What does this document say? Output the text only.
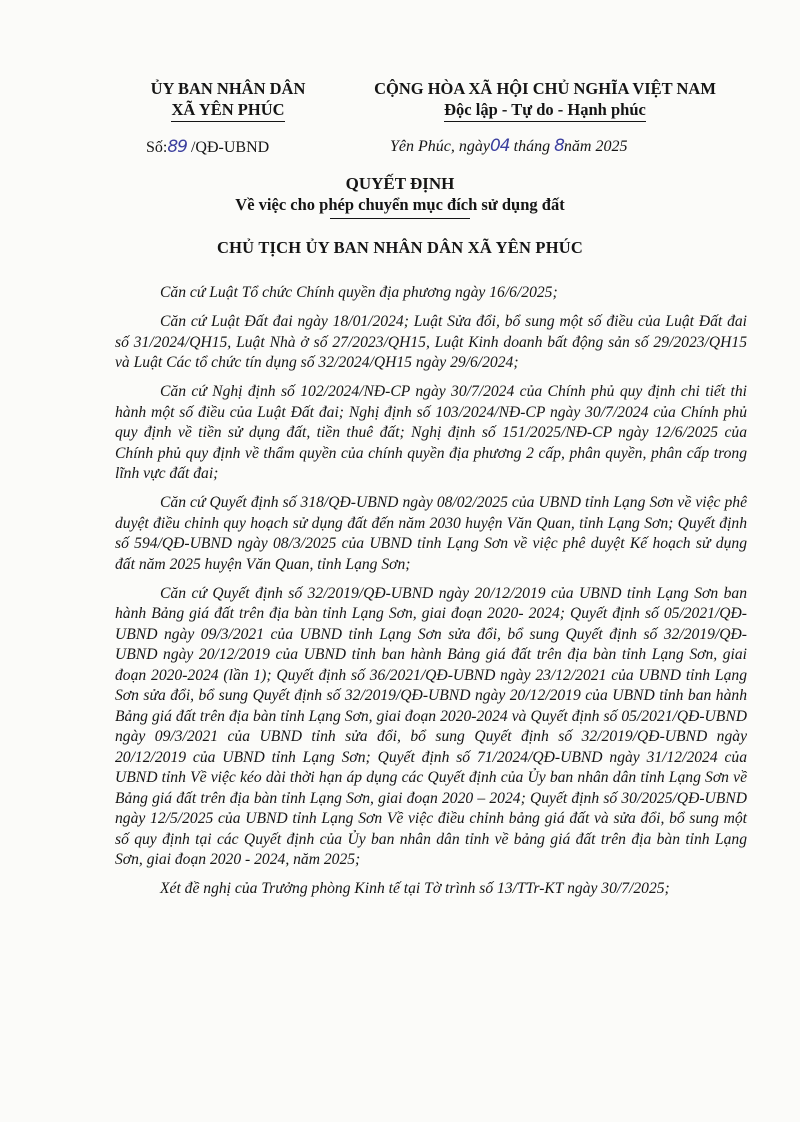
ỦY BAN NHÂN DÂN
XÃ YÊN PHÚC
CỘNG HÒA XÃ HỘI CHỦ NGHĨA VIỆT NAM
Độc lập - Tự do - Hạnh phúc
Số:89 /QĐ-UBND	Yên Phúc, ngày04 tháng 8năm 2025
QUYẾT ĐỊNH
Về việc cho phép chuyển mục đích sử dụng đất
CHỦ TỊCH ỦY BAN NHÂN DÂN XÃ YÊN PHÚC

Căn cứ Luật Tổ chức Chính quyền địa phương ngày 16/6/2025;

Căn cứ Luật Đất đai ngày 18/01/2024; Luật Sửa đổi, bổ sung một số điều của Luật Đất đai số 31/2024/QH15, Luật Nhà ở số 27/2023/QH15, Luật Kinh doanh bất động sản số 29/2023/QH15 và Luật Các tổ chức tín dụng số 32/2024/QH15 ngày 29/6/2024;

Căn cứ Nghị định số 102/2024/NĐ-CP ngày 30/7/2024 của Chính phủ quy định chi tiết thi hành một số điều của Luật Đất đai; Nghị định số 103/2024/NĐ-CP ngày 30/7/2024 của Chính phủ quy định về tiền sử dụng đất, tiền thuê đất; Nghị định số 151/2025/NĐ-CP ngày 12/6/2025 của Chính phủ quy định về thẩm quyền của chính quyền địa phương 2 cấp, phân quyền, phân cấp trong lĩnh vực đất đai;

Căn cứ Quyết định số 318/QĐ-UBND ngày 08/02/2025 của UBND tỉnh Lạng Sơn về việc phê duyệt điều chỉnh quy hoạch sử dụng đất đến năm 2030 huyện Văn Quan, tỉnh Lạng Sơn; Quyết định số 594/QĐ-UBND ngày 08/3/2025 của UBND tỉnh Lạng Sơn về việc phê duyệt Kế hoạch sử dụng đất năm 2025 huyện Văn Quan, tỉnh Lạng Sơn;

Căn cứ Quyết định số 32/2019/QĐ-UBND ngày 20/12/2019 của UBND tỉnh Lạng Sơn ban hành Bảng giá đất trên địa bàn tỉnh Lạng Sơn, giai đoạn 2020- 2024; Quyết định số 05/2021/QĐ-UBND ngày 09/3/2021 của UBND tỉnh Lạng Sơn sửa đổi, bổ sung Quyết định số 32/2019/QĐ-UBND ngày 20/12/2019 của UBND tỉnh ban hành Bảng giá đất trên địa bàn tỉnh Lạng Sơn, giai đoạn 2020-2024 (lần 1); Quyết định số 36/2021/QĐ-UBND ngày 23/12/2021 của UBND tỉnh Lạng Sơn sửa đổi, bổ sung Quyết định số 32/2019/QĐ-UBND ngày 20/12/2019 của UBND tỉnh ban hành Bảng giá đất trên địa bàn tỉnh Lạng Sơn, giai đoạn 2020-2024 và Quyết định số 05/2021/QĐ-UBND ngày 09/3/2021 của UBND tỉnh sửa đổi, bổ sung Quyết định số 32/2019/QĐ-UBND ngày 20/12/2019 của UBND tỉnh Lạng Sơn; Quyết định số 71/2024/QĐ-UBND ngày 31/12/2024 của UBND tỉnh Về việc kéo dài thời hạn áp dụng các Quyết định của Ủy ban nhân dân tỉnh Lạng Sơn về Bảng giá đất trên địa bàn tỉnh Lạng Sơn, giai đoạn 2020 – 2024; Quyết định số 30/2025/QĐ-UBND ngày 12/5/2025 của UBND tỉnh Lạng Sơn Về việc điều chỉnh bảng giá đất và sửa đổi, bổ sung một số quy định tại các Quyết định của Ủy ban nhân dân tỉnh về bảng giá đất trên địa bàn tỉnh Lạng Sơn, giai đoạn 2020 - 2024, năm 2025;

Xét đề nghị của Trưởng phòng Kinh tế tại Tờ trình số 13/TTr-KT ngày 30/7/2025;
